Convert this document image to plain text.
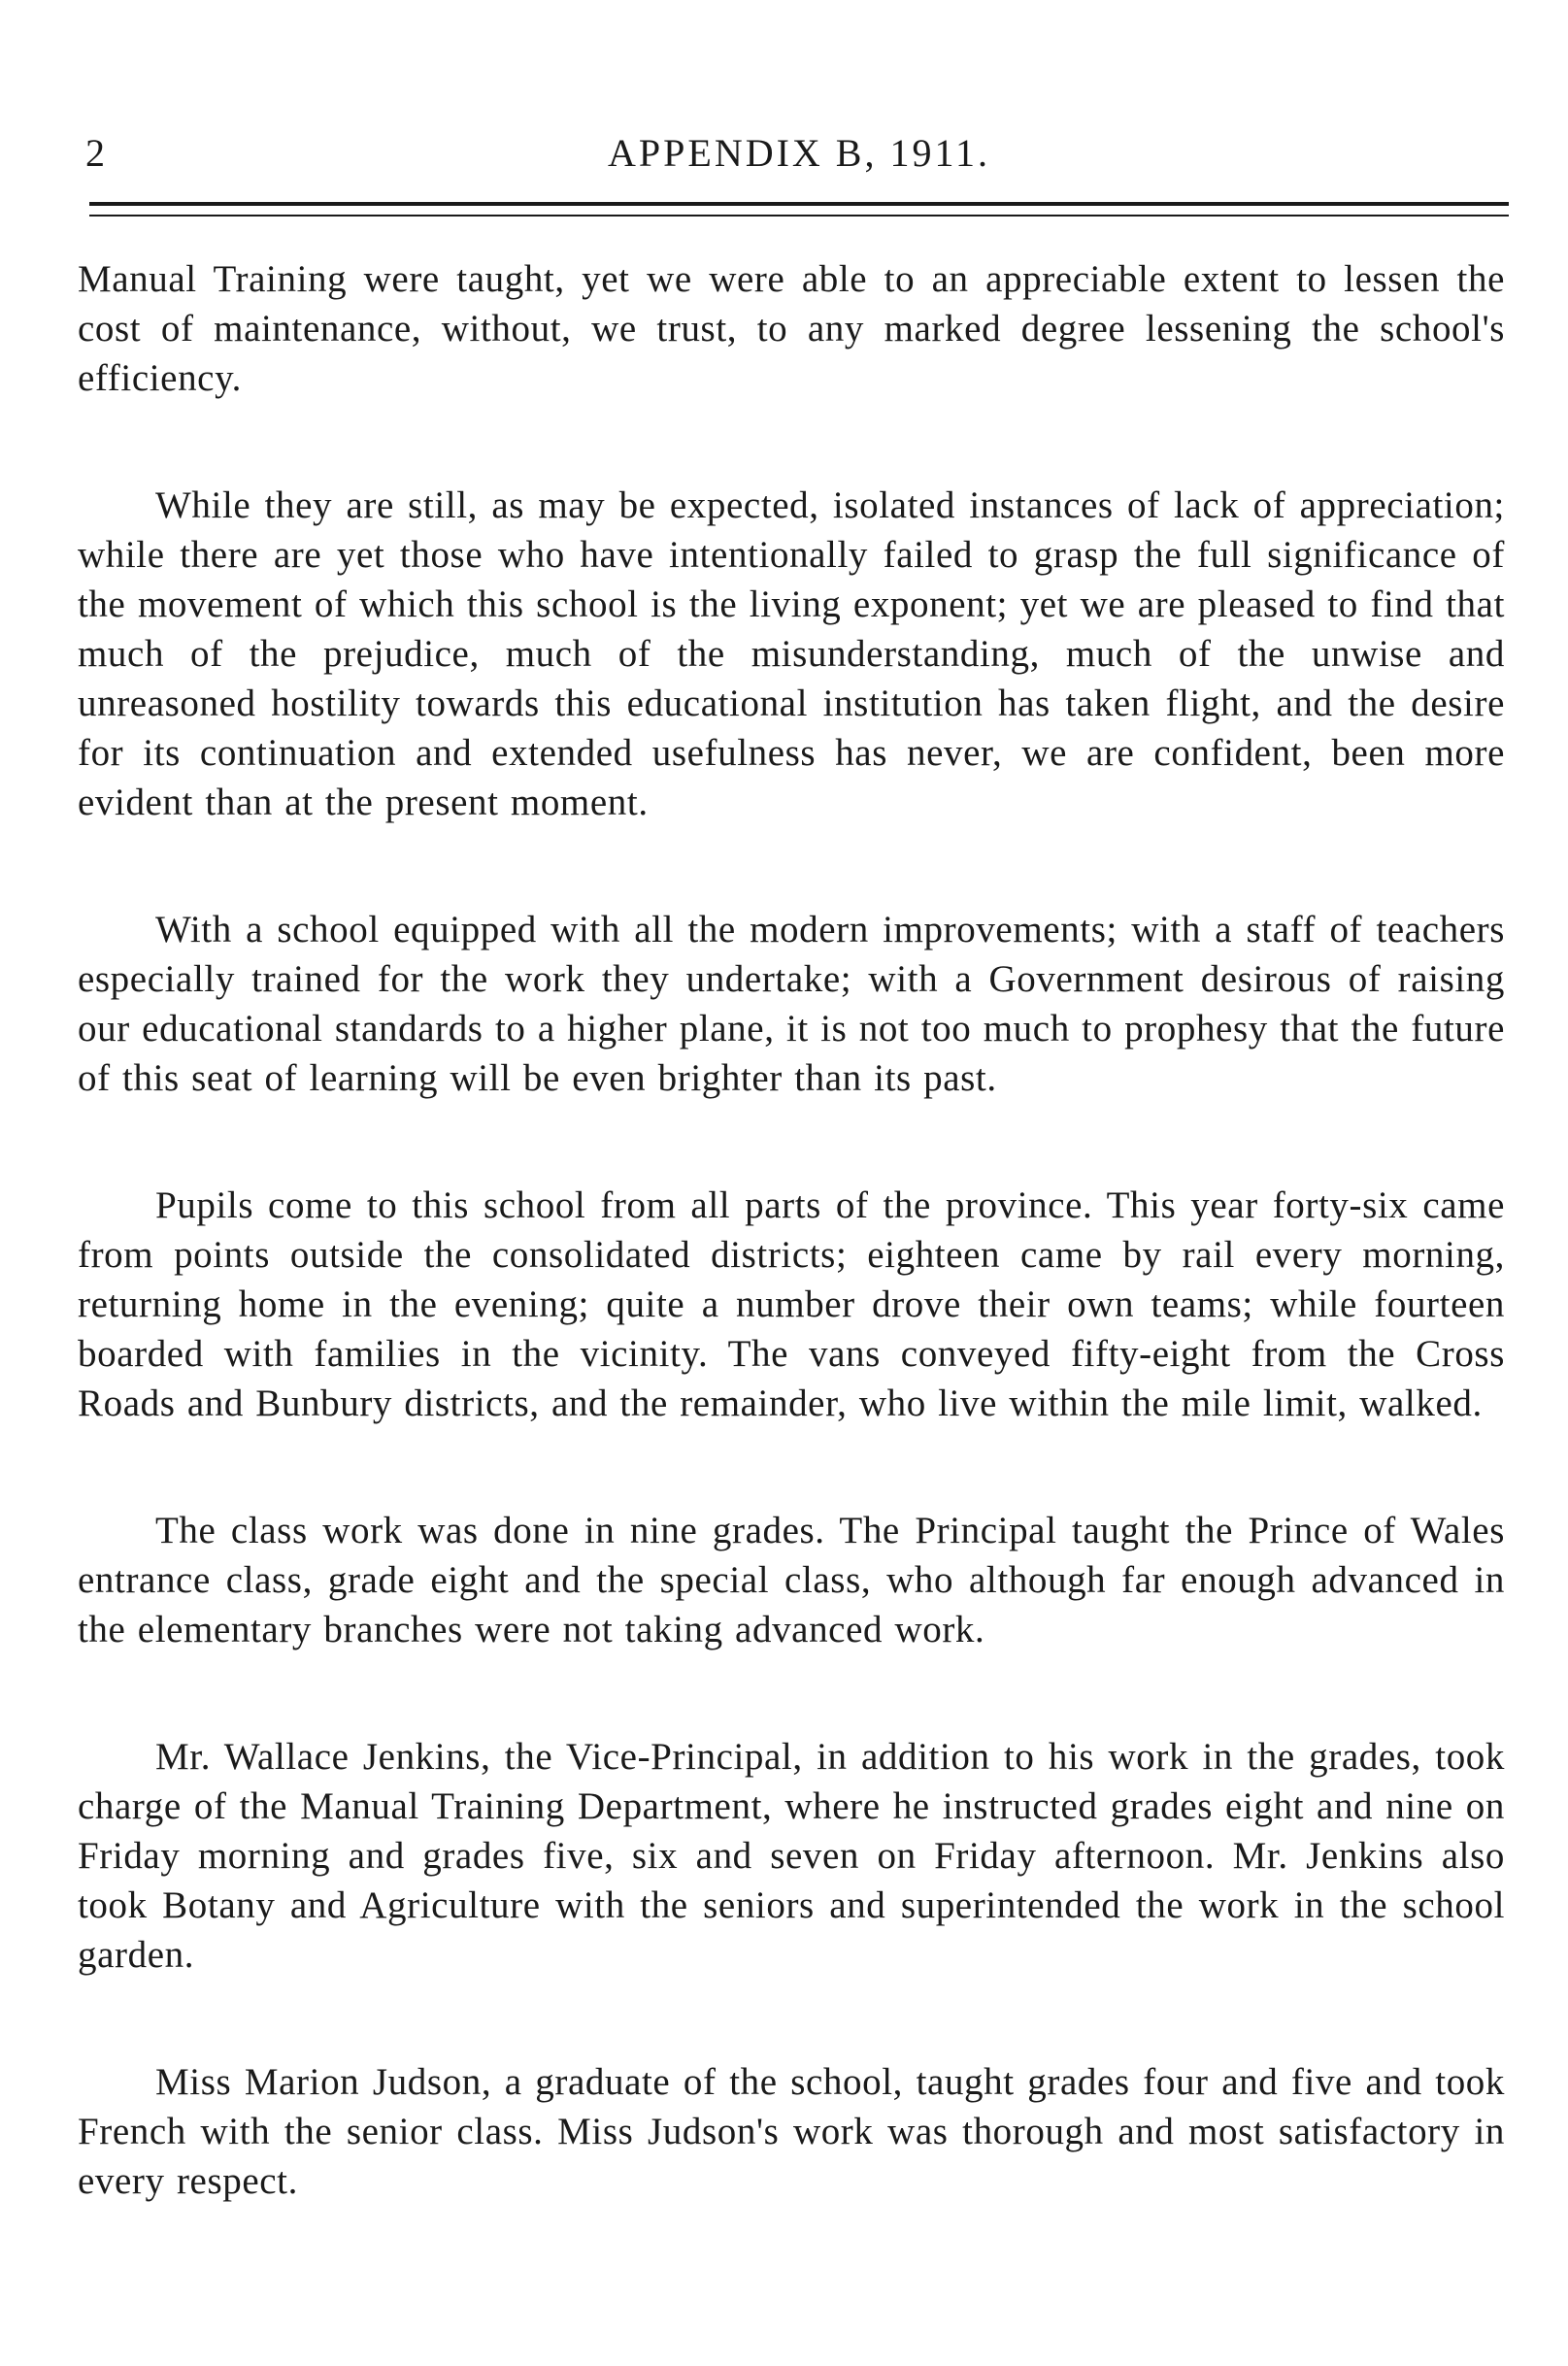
2	APPENDIX B, 1911.

Manual Training were taught, yet we were able to an appreciable extent to lessen the cost of maintenance, without, we trust, to any marked degree lessening the school's efficiency.

While they are still, as may be expected, isolated instances of lack of appreciation; while there are yet those who have intentionally failed to grasp the full significance of the movement of which this school is the living exponent; yet we are pleased to find that much of the prejudice, much of the misunderstanding, much of the unwise and unreasoned hostility towards this educational institution has taken flight, and the desire for its continuation and extended usefulness has never, we are confident, been more evident than at the present moment.

With a school equipped with all the modern improvements; with a staff of teachers especially trained for the work they undertake; with a Government desirous of raising our educational standards to a higher plane, it is not too much to prophesy that the future of this seat of learning will be even brighter than its past.

Pupils come to this school from all parts of the province. This year forty-six came from points outside the consolidated districts; eighteen came by rail every morning, returning home in the evening; quite a number drove their own teams; while fourteen boarded with families in the vicinity. The vans conveyed fifty-eight from the Cross Roads and Bunbury districts, and the remainder, who live within the mile limit, walked.

The class work was done in nine grades. The Principal taught the Prince of Wales entrance class, grade eight and the special class, who although far enough advanced in the elementary branches were not taking advanced work.

Mr. Wallace Jenkins, the Vice-Principal, in addition to his work in the grades, took charge of the Manual Training Department, where he instructed grades eight and nine on Friday morning and grades five, six and seven on Friday afternoon. Mr. Jenkins also took Botany and Agriculture with the seniors and superintended the work in the school garden.

Miss Marion Judson, a graduate of the school, taught grades four and five and took French with the senior class. Miss Judson's work was thorough and most satisfactory in every respect.
